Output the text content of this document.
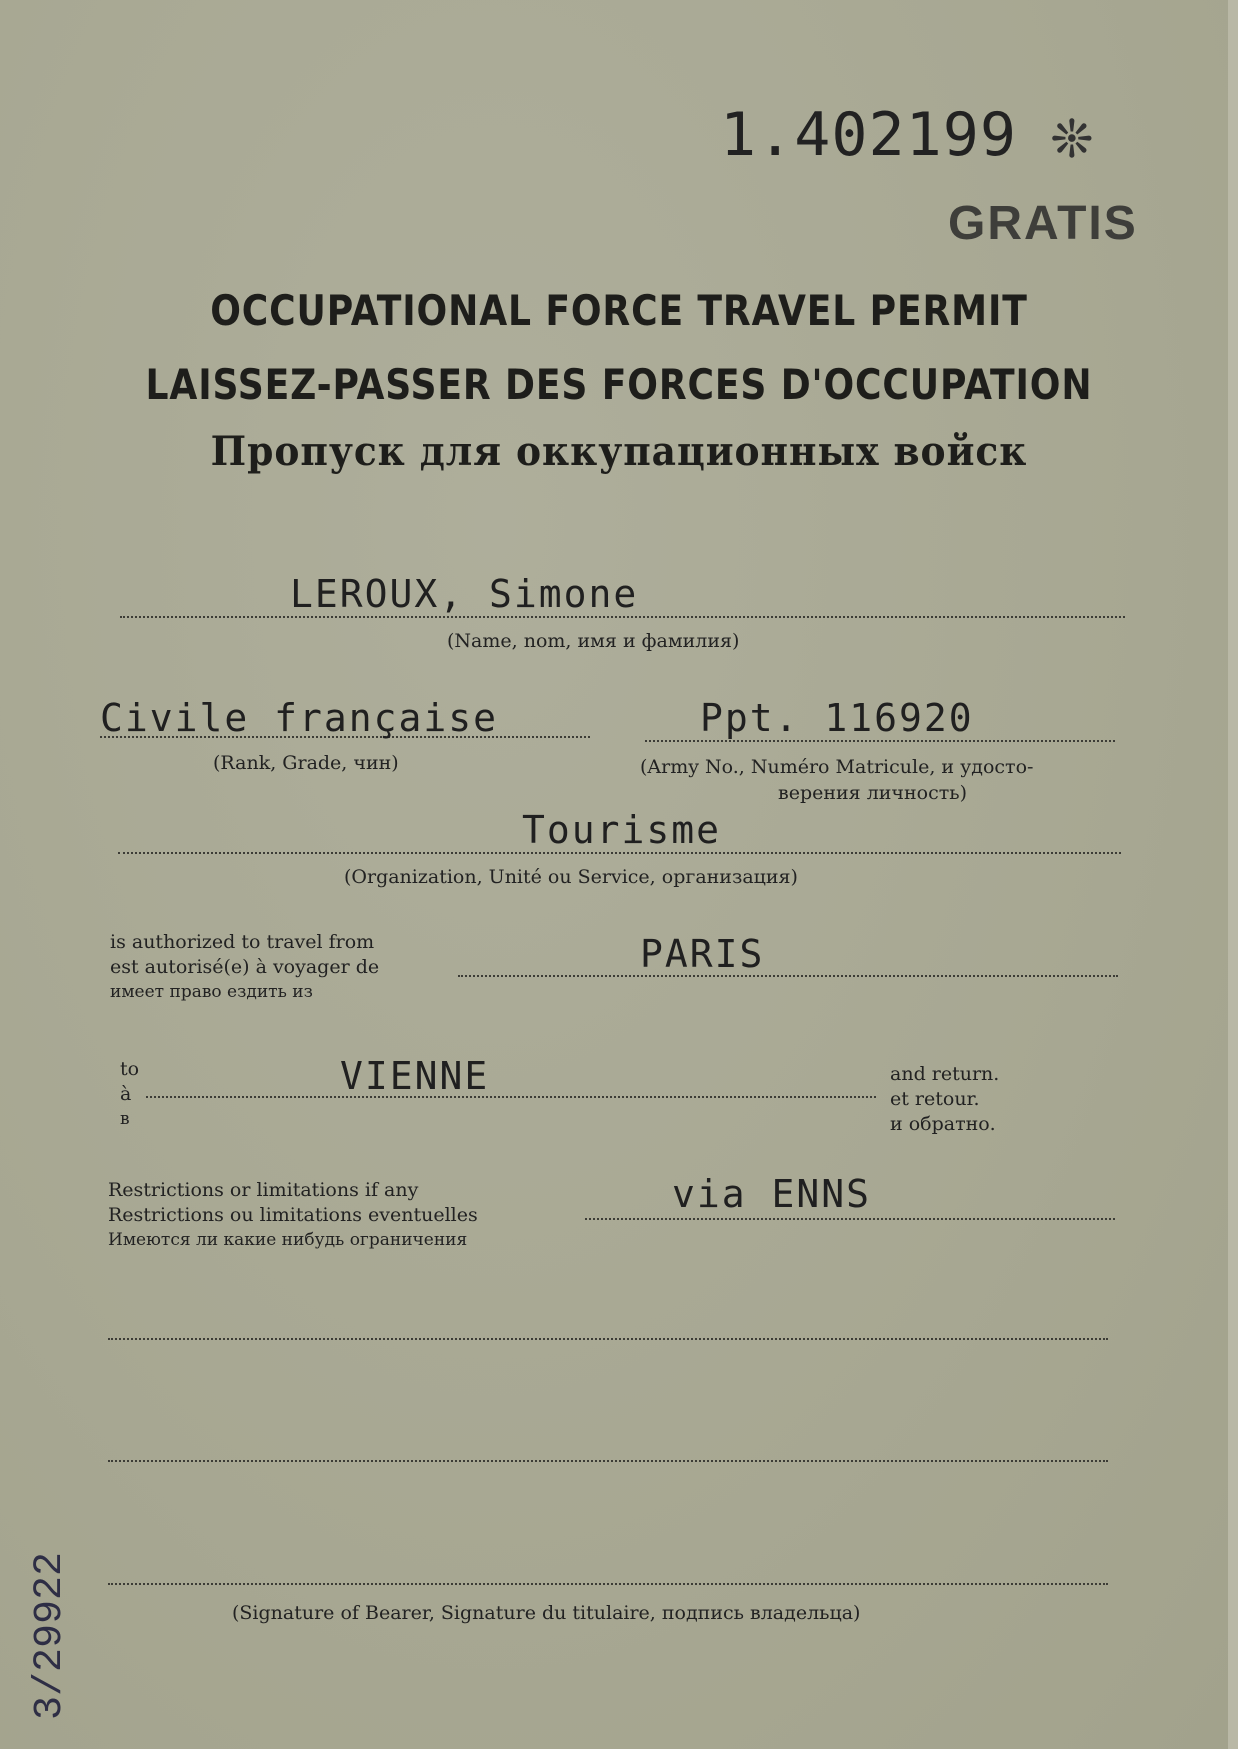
1.402199 ❊
GRATIS
OCCUPATIONAL FORCE TRAVEL PERMIT
LAISSEZ-PASSER DES FORCES D'OCCUPATION
Пропуск для оккупационных войск
LEROUX, Simone
(Name, nom, имя и фамилия)
Civile française
(Rank, Grade, чин)
Ppt. 116920
(Army No., Numéro Matricule, и удосто-
верения личность)
Tourisme
(Organization, Unité ou Service, организация)
is authorized to travel from
est autorisé(e) à voyager de
имеет право ездить из
PARIS
to
à
в
VIENNE	and return.
et retour.
и обратно.
Restrictions or limitations if any
Restrictions ou limitations eventuelles
Имеются ли какие нибудь ограничения
via ENNS
(Signature of Bearer, Signature du titulaire, подпись владельца)
3/29922
